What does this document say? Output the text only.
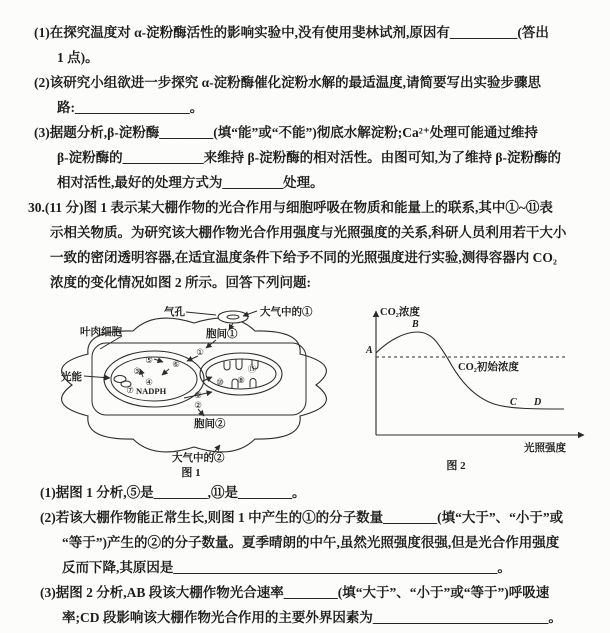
(1)在探究温度对 α-淀粉酶活性的影响实验中,没有使用斐林试剂,原因有__________(答出
1 点)。
(2)该研究小组欲进一步探究 α-淀粉酶催化淀粉水解的最适温度,请简要写出实验步骤思
路:_________________。
(3)据题分析,β-淀粉酶________(填“能”或“不能”)彻底水解淀粉;Ca²⁺处理可能通过维持
β-淀粉酶的____________来维持 β-淀粉酶的相对活性。由图可知,为了维持 β-淀粉酶的
相对活性,最好的处理方式为_________处理。
30.(11 分)图 1 表示某大棚作物的光合作用与细胞呼吸在物质和能量上的联系,其中①~⑪表
示相关物质。为研究该大棚作物光合作用强度与光照强度的关系,科研人员利用若干大小
一致的密闭透明容器,在适宜温度条件下给予不同的光照强度进行实验,测得容器内 CO₂
浓度的变化情况如图 2 所示。回答下列问题:
气孔	大气中的①
胞间①
叶肉细胞
光能
NADPH
胞间②
大气中的②
①
⑤
③
④
⑥
⑦	⑨
②
⑩ ⑧
⑪
图 1
CO₂浓度
光照强度
CO₂初始浓度
A
B
C D
图 2
(1)据图 1 分析,⑤是________,⑪是________。
(2)若该大棚作物能正常生长,则图 1 中产生的①的分子数量________(填“大于”、“小于”或
“等于”)产生的②的分子数量。夏季晴朗的中午,虽然光照强度很强,但是光合作用强度
反而下降,其原因是________________________________________________。
(3)据图 2 分析,AB 段该大棚作物光合速率________(填“大于”、“小于”或“等于”)呼吸速
率;CD 段影响该大棚作物光合作用的主要外界因素为__________________________。
